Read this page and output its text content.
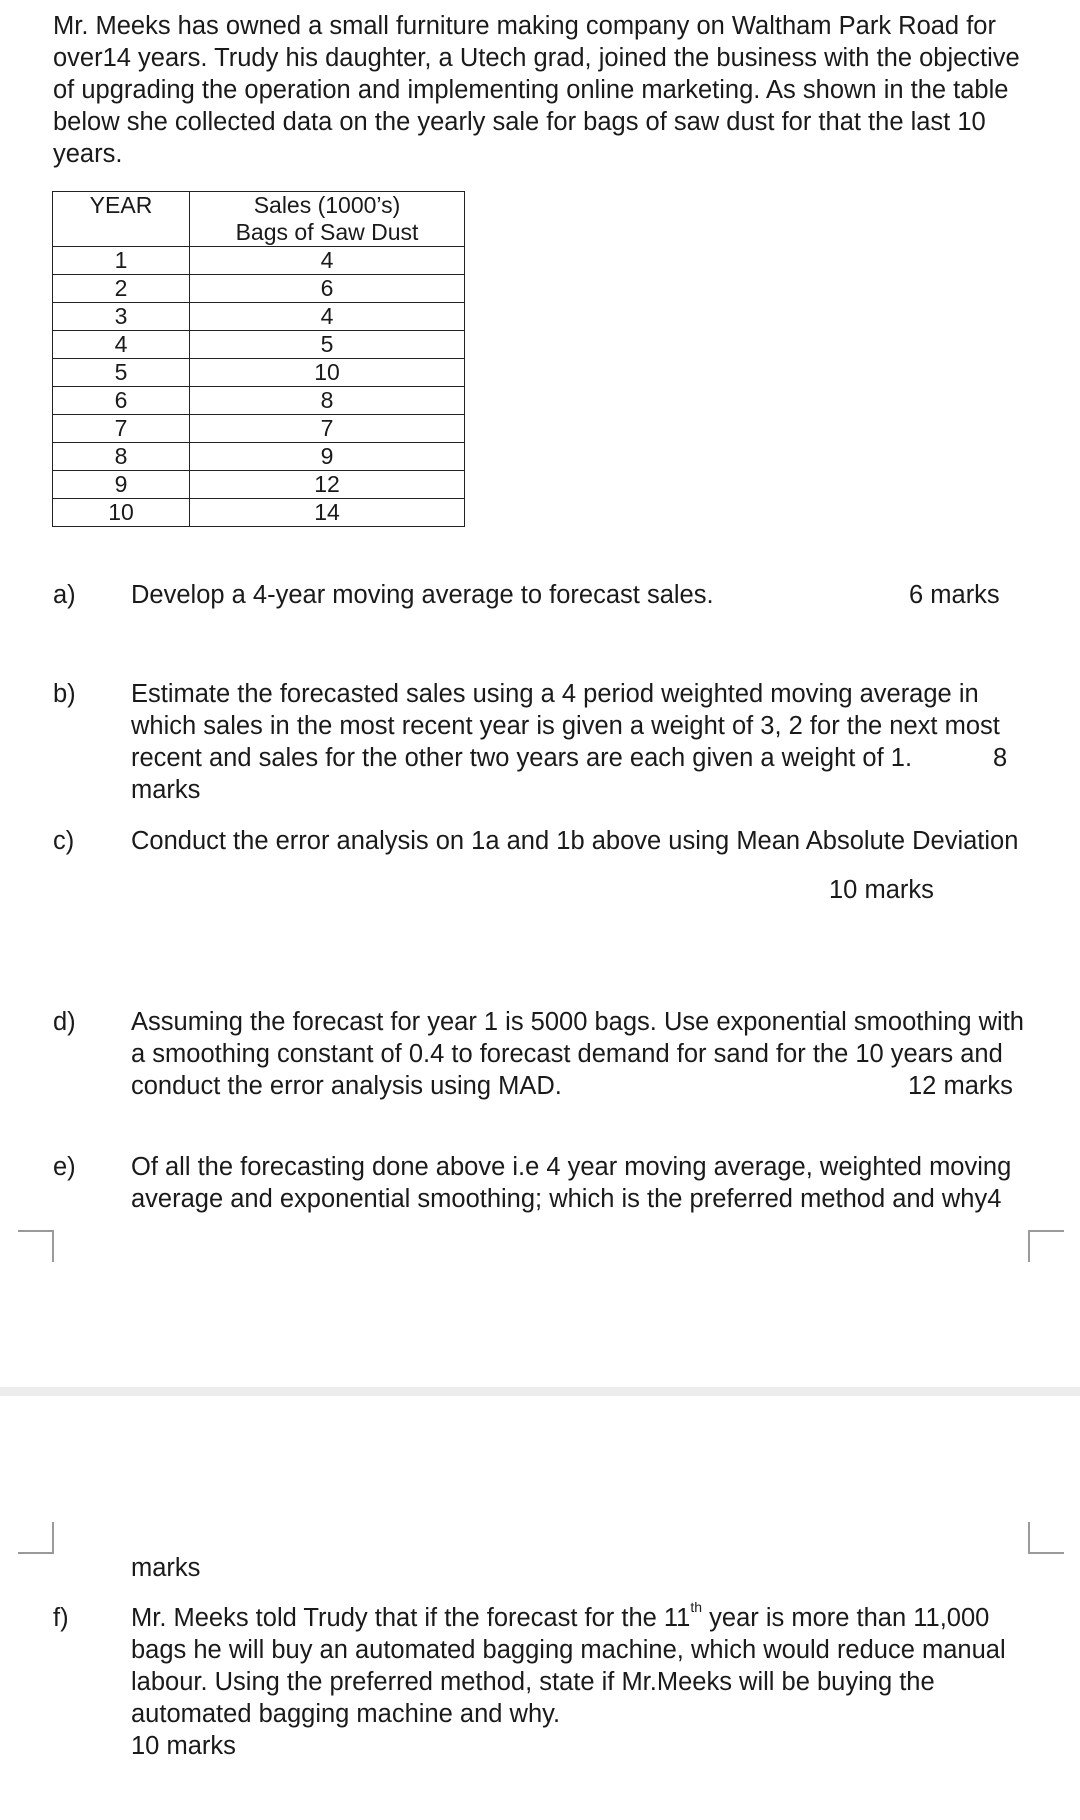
Mr. Meeks has owned a small furniture making company on Waltham Park Road for over14 years. Trudy his daughter, a Utech grad, joined the business with the objective of upgrading the operation and implementing online marketing. As shown in the table below she collected data on the yearly sale for bags of saw dust for that the last 10 years.
YEAR	Sales (1000’s)
Bags of Saw Dust

1	4
2	6
3	4
4	5
5	10
6	8
7	7
8	9
9	12
10	14
a) Develop a 4-year moving average to forecast sales.	6 marks
b) Estimate the forecasted sales using a 4 period weighted moving average in
which sales in the most recent year is given a weight of 3, 2 for the next most
recent and sales for the other two years are each given a weight of 1.	8
marks
c) Conduct the error analysis on 1a and 1b above using Mean Absolute Deviation
10 marks
d) Assuming the forecast for year 1 is 5000 bags. Use exponential smoothing with
a smoothing constant of 0.4 to forecast demand for sand for the 10 years and
conduct the error analysis using MAD.	12 marks
e) Of all the forecasting done above i.e 4 year moving average, weighted moving
average and exponential smoothing; which is the preferred method and why4
marks
f) Mr. Meeks told Trudy that if the forecast for the 11th year is more than 11,000
bags he will buy an automated bagging machine, which would reduce manual
labour. Using the preferred method, state if Mr.Meeks will be buying the
automated bagging machine and why.
10 marks
